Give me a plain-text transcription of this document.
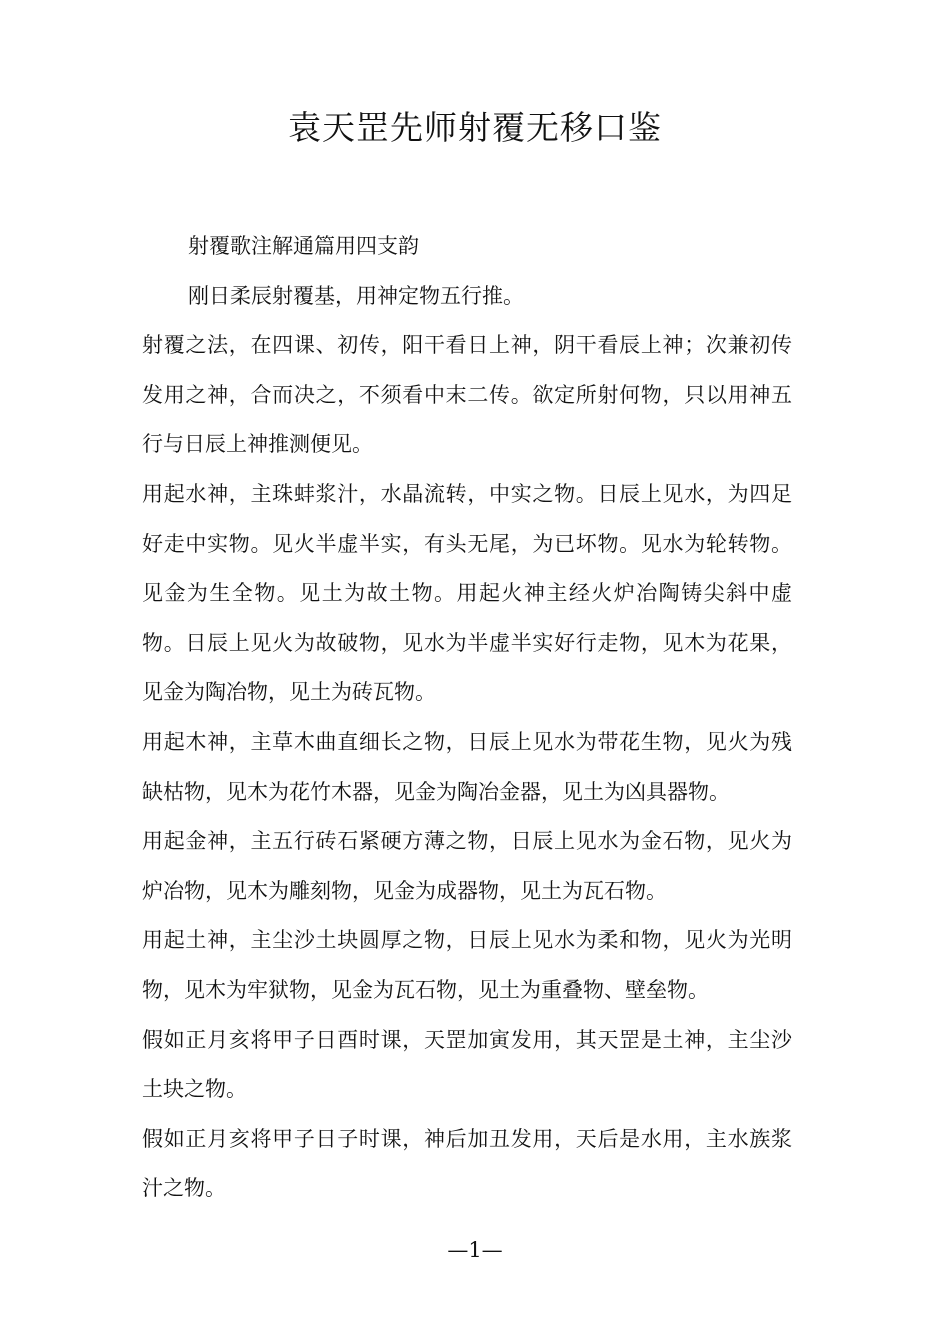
袁天罡先师射覆无移口鉴

射覆歌注解通篇用四支韵

刚日柔辰射覆基，用神定物五行推。

射覆之法，在四课、初传，阳干看日上神，阴干看辰上神；次兼初传发用之神，合而决之，不须看中末二传。欲定所射何物，只以用神五行与日辰上神推测便见。

用起水神，主珠蚌浆汁，水晶流转，中实之物。日辰上见水，为四足好走中实物。见火半虚半实，有头无尾，为已坏物。见水为轮转物。见金为生全物。见土为故土物。用起火神主经火炉冶陶铸尖斜中虚物。日辰上见火为故破物，见水为半虚半实好行走物，见木为花果，见金为陶冶物，见土为砖瓦物。

用起木神，主草木曲直细长之物，日辰上见水为带花生物，见火为残缺枯物，见木为花竹木器，见金为陶冶金器，见土为凶具器物。

用起金神，主五行砖石紧硬方薄之物，日辰上见水为金石物，见火为炉冶物，见木为雕刻物，见金为成器物，见土为瓦石物。

用起土神，主尘沙土块圆厚之物，日辰上见水为柔和物，见火为光明物，见木为牢狱物，见金为瓦石物，见土为重叠物、壁垒物。

假如正月亥将甲子日酉时课，天罡加寅发用，其天罡是土神，主尘沙土块之物。

假如正月亥将甲子日子时课，神后加丑发用，天后是水用，主水族浆汁之物。

—1—
